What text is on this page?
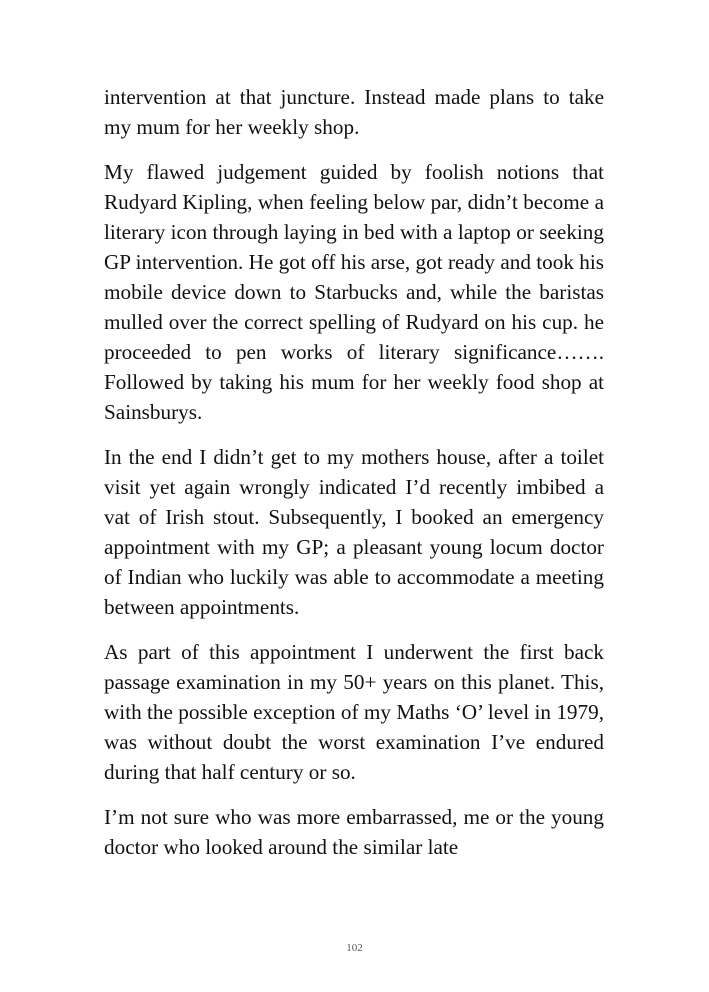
intervention at that juncture. Instead made plans to take my mum for her weekly shop.

My flawed judgement guided by foolish notions that Rudyard Kipling, when feeling below par, didn’t become a literary icon through laying in bed with a laptop or seeking GP intervention. He got off his arse, got ready and took his mobile device down to Starbucks and, while the baristas mulled over the correct spelling of Rudyard on his cup. he proceeded to pen works of literary significance……. Followed by taking his mum for her weekly food shop at Sainsburys.

In the end I didn’t get to my mothers house, after a toilet visit yet again wrongly indicated I’d recently imbibed a vat of Irish stout. Subsequently, I booked an emergency appointment with my GP; a pleasant young locum doctor of Indian who luckily was able to accommodate a meeting between appointments.

As part of this appointment I underwent the first back passage examination in my 50+ years on this planet. This, with the possible exception of my Maths ‘O’ level in 1979, was without doubt the worst examination I’ve endured during that half century or so.

I’m not sure who was more embarrassed, me or the young doctor who looked around the similar late

102
